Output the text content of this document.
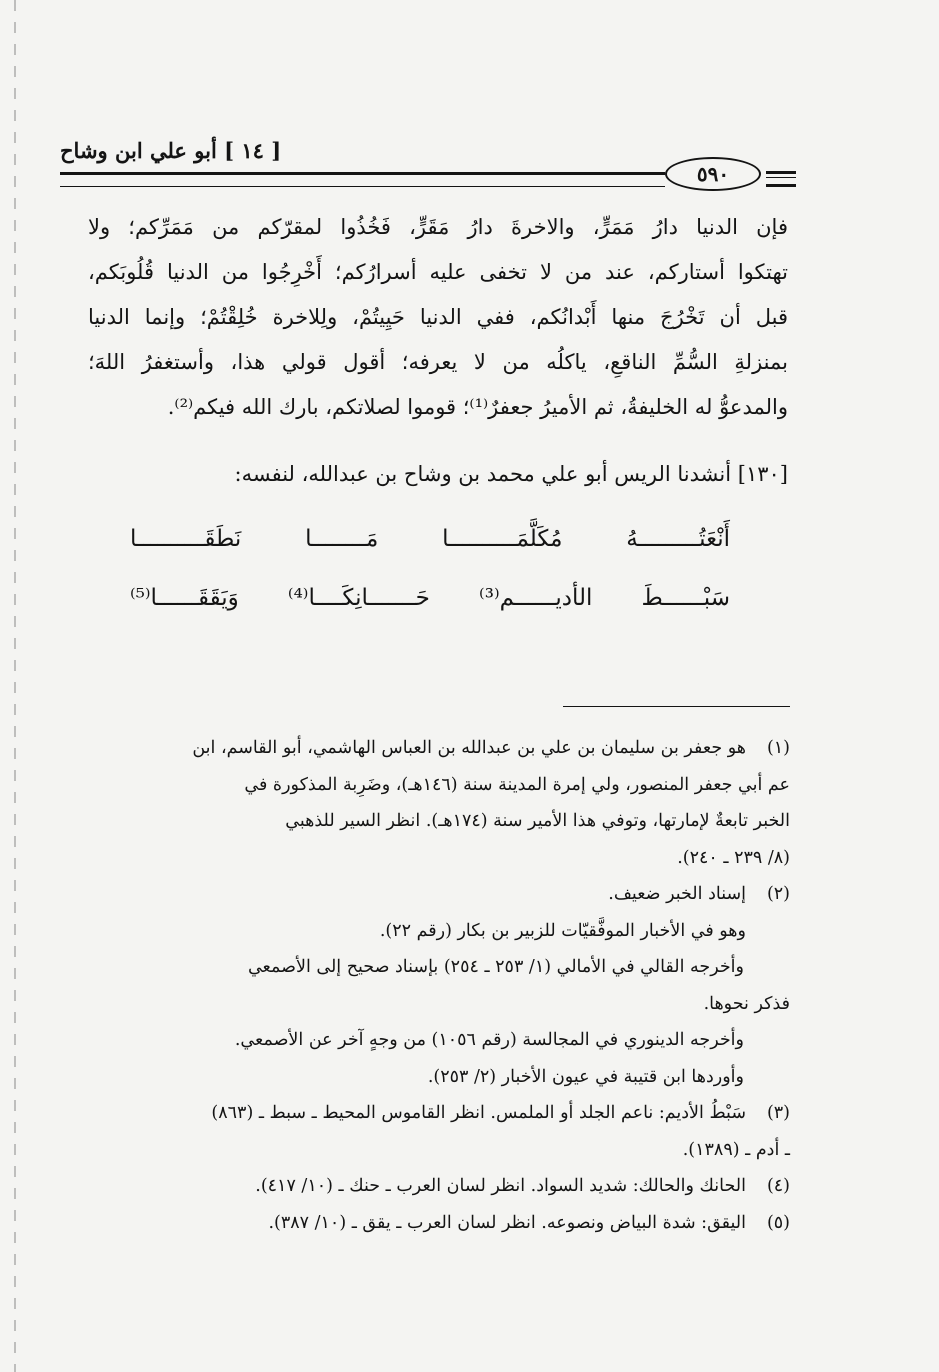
[ ١٤ ] أبو علي ابن وشاح
٥٩٠

فإن الدنيا دارُ مَمَرٍّ، والاخرةَ دارُ مَقَرٍّ، فَخُذُوا لمقرّكم من مَمَرِّكم؛ ولا

تهتكوا أستاركم، عند من لا تخفى عليه أسرارُكم؛ أَخْرِجُوا من الدنيا قُلُوبَكم،

قبل أن تَخْرُجَ منها أَبْدانُكم، ففي الدنيا حَيِيتُمْ، ولِلاخرة خُلِقْتُمْ؛ وإنما الدنيا

بمنزلةِ السُّمِّ الناقعِ، ياكلُه من لا يعرفه؛ أقول قولي هذا، وأستغفرُ اللهَ؛

والمدعوُّ له الخليفةُ، ثم الأميرُ جعفرٌ⁽¹⁾؛ قوموا لصلاتكم، بارك الله فيكم⁽²⁾.

[١٣٠] أنشدنا الريس أبو علي محمد بن وشاح بن عبدالله، لنفسه:
أَنْعَتُـــــــــهُ مُكَلَّمَــــــــــا مَــــــــا نَطَقَــــــــــا
سَبْــــــطَ الأديــــــم⁽³⁾ حَـــــــانِكَــــا⁽⁴⁾ وَيَقَقَــــــا⁽⁵⁾
(١)

هو جعفر بن سليمان بن علي بن عبدالله بن العباس الهاشمي، أبو القاسم، ابن

عم أبي جعفر المنصور، ولي إمرة المدينة سنة (١٤٦هـ)، وضَرِبة المذكورة في

الخبر تابعةٌ لإمارتها، وتوفي هذا الأمير سنة (١٧٤هـ). انظر السير للذهبي

(٨/ ٢٣٩ ـ ٢٤٠).

(٢)

إسناد الخبر ضعيف.

وهو في الأخبار الموفَّقيّات للزبير بن بكار (رقم ٢٢).

وأخرجه القالي في الأمالي (١/ ٢٥٣ ـ ٢٥٤) بإسناد صحيح إلى الأصمعي

فذكر نحوها.

وأخرجه الدينوري في المجالسة (رقم ١٠٥٦) من وجهٍ آخر عن الأصمعي.

وأوردها ابن قتيبة في عيون الأخبار (٢/ ٢٥٣).

(٣)

سَبْطُ الأديم: ناعم الجلد أو الملمس. انظر القاموس المحيط ـ سبط ـ (٨٦٣)

ـ أدم ـ (١٣٨٩).

(٤)

الحانك والحالك: شديد السواد. انظر لسان العرب ـ حنك ـ (١٠/ ٤١٧).

(٥)

اليقق: شدة البياض ونصوعه. انظر لسان العرب ـ يقق ـ (١٠/ ٣٨٧).
